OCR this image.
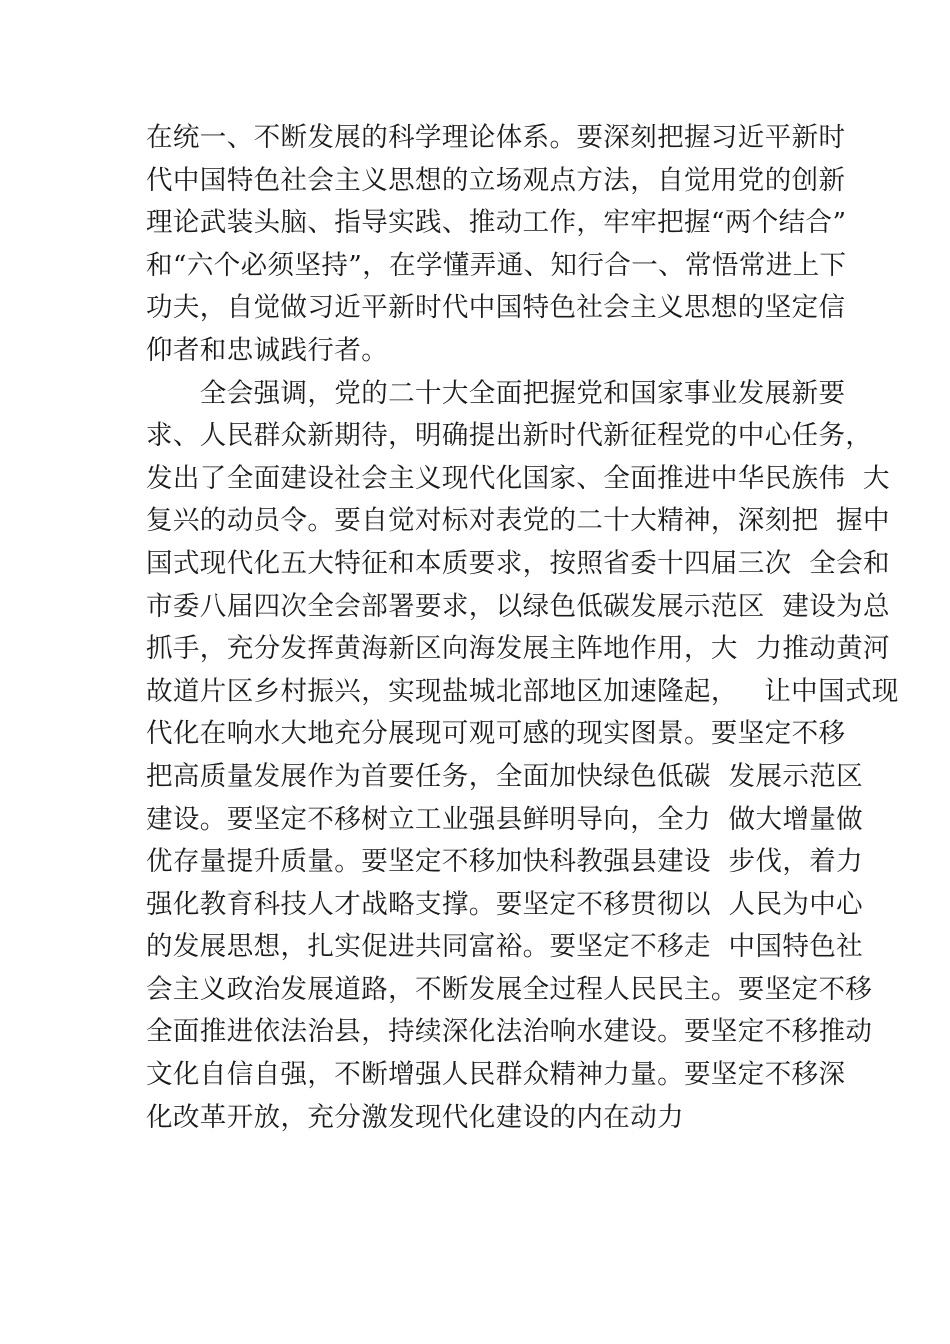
在统一、不断发展的科学理论体系。要深刻把握习近平新时
代中国特色社会主义思想的立场观点方法，自觉用党的创新
理论武装头脑、指导实践、推动工作，牢牢把握“两个结合”
和“六个必须坚持”，在学懂弄通、知行合一、常悟常进上下
功夫，自觉做习近平新时代中国特色社会主义思想的坚定信
仰者和忠诚践行者。
　　全会强调，党的二十大全面把握党和国家事业发展新要
求、人民群众新期待，明确提出新时代新征程党的中心任务，
发出了全面建设社会主义现代化国家、全面推进中华民族伟  大
复兴的动员令。要自觉对标对表党的二十大精神，深刻把  握中
国式现代化五大特征和本质要求，按照省委十四届三次  全会和
市委八届四次全会部署要求，以绿色低碳发展示范区  建设为总
抓手，充分发挥黄海新区向海发展主阵地作用，大  力推动黄河
故道片区乡村振兴，实现盐城北部地区加速隆起，   让中国式现
代化在响水大地充分展现可观可感的现实图景。要坚定不移
把高质量发展作为首要任务，全面加快绿色低碳  发展示范区
建设。要坚定不移树立工业强县鲜明导向，全力  做大增量做
优存量提升质量。要坚定不移加快科教强县建设  步伐，着力
强化教育科技人才战略支撑。要坚定不移贯彻以  人民为中心
的发展思想，扎实促进共同富裕。要坚定不移走  中国特色社
会主义政治发展道路，不断发展全过程人民民主。要坚定不移
全面推进依法治县，持续深化法治响水建设。要坚定不移推动
文化自信自强，不断增强人民群众精神力量。要坚定不移深
化改革开放，充分激发现代化建设的内在动力
